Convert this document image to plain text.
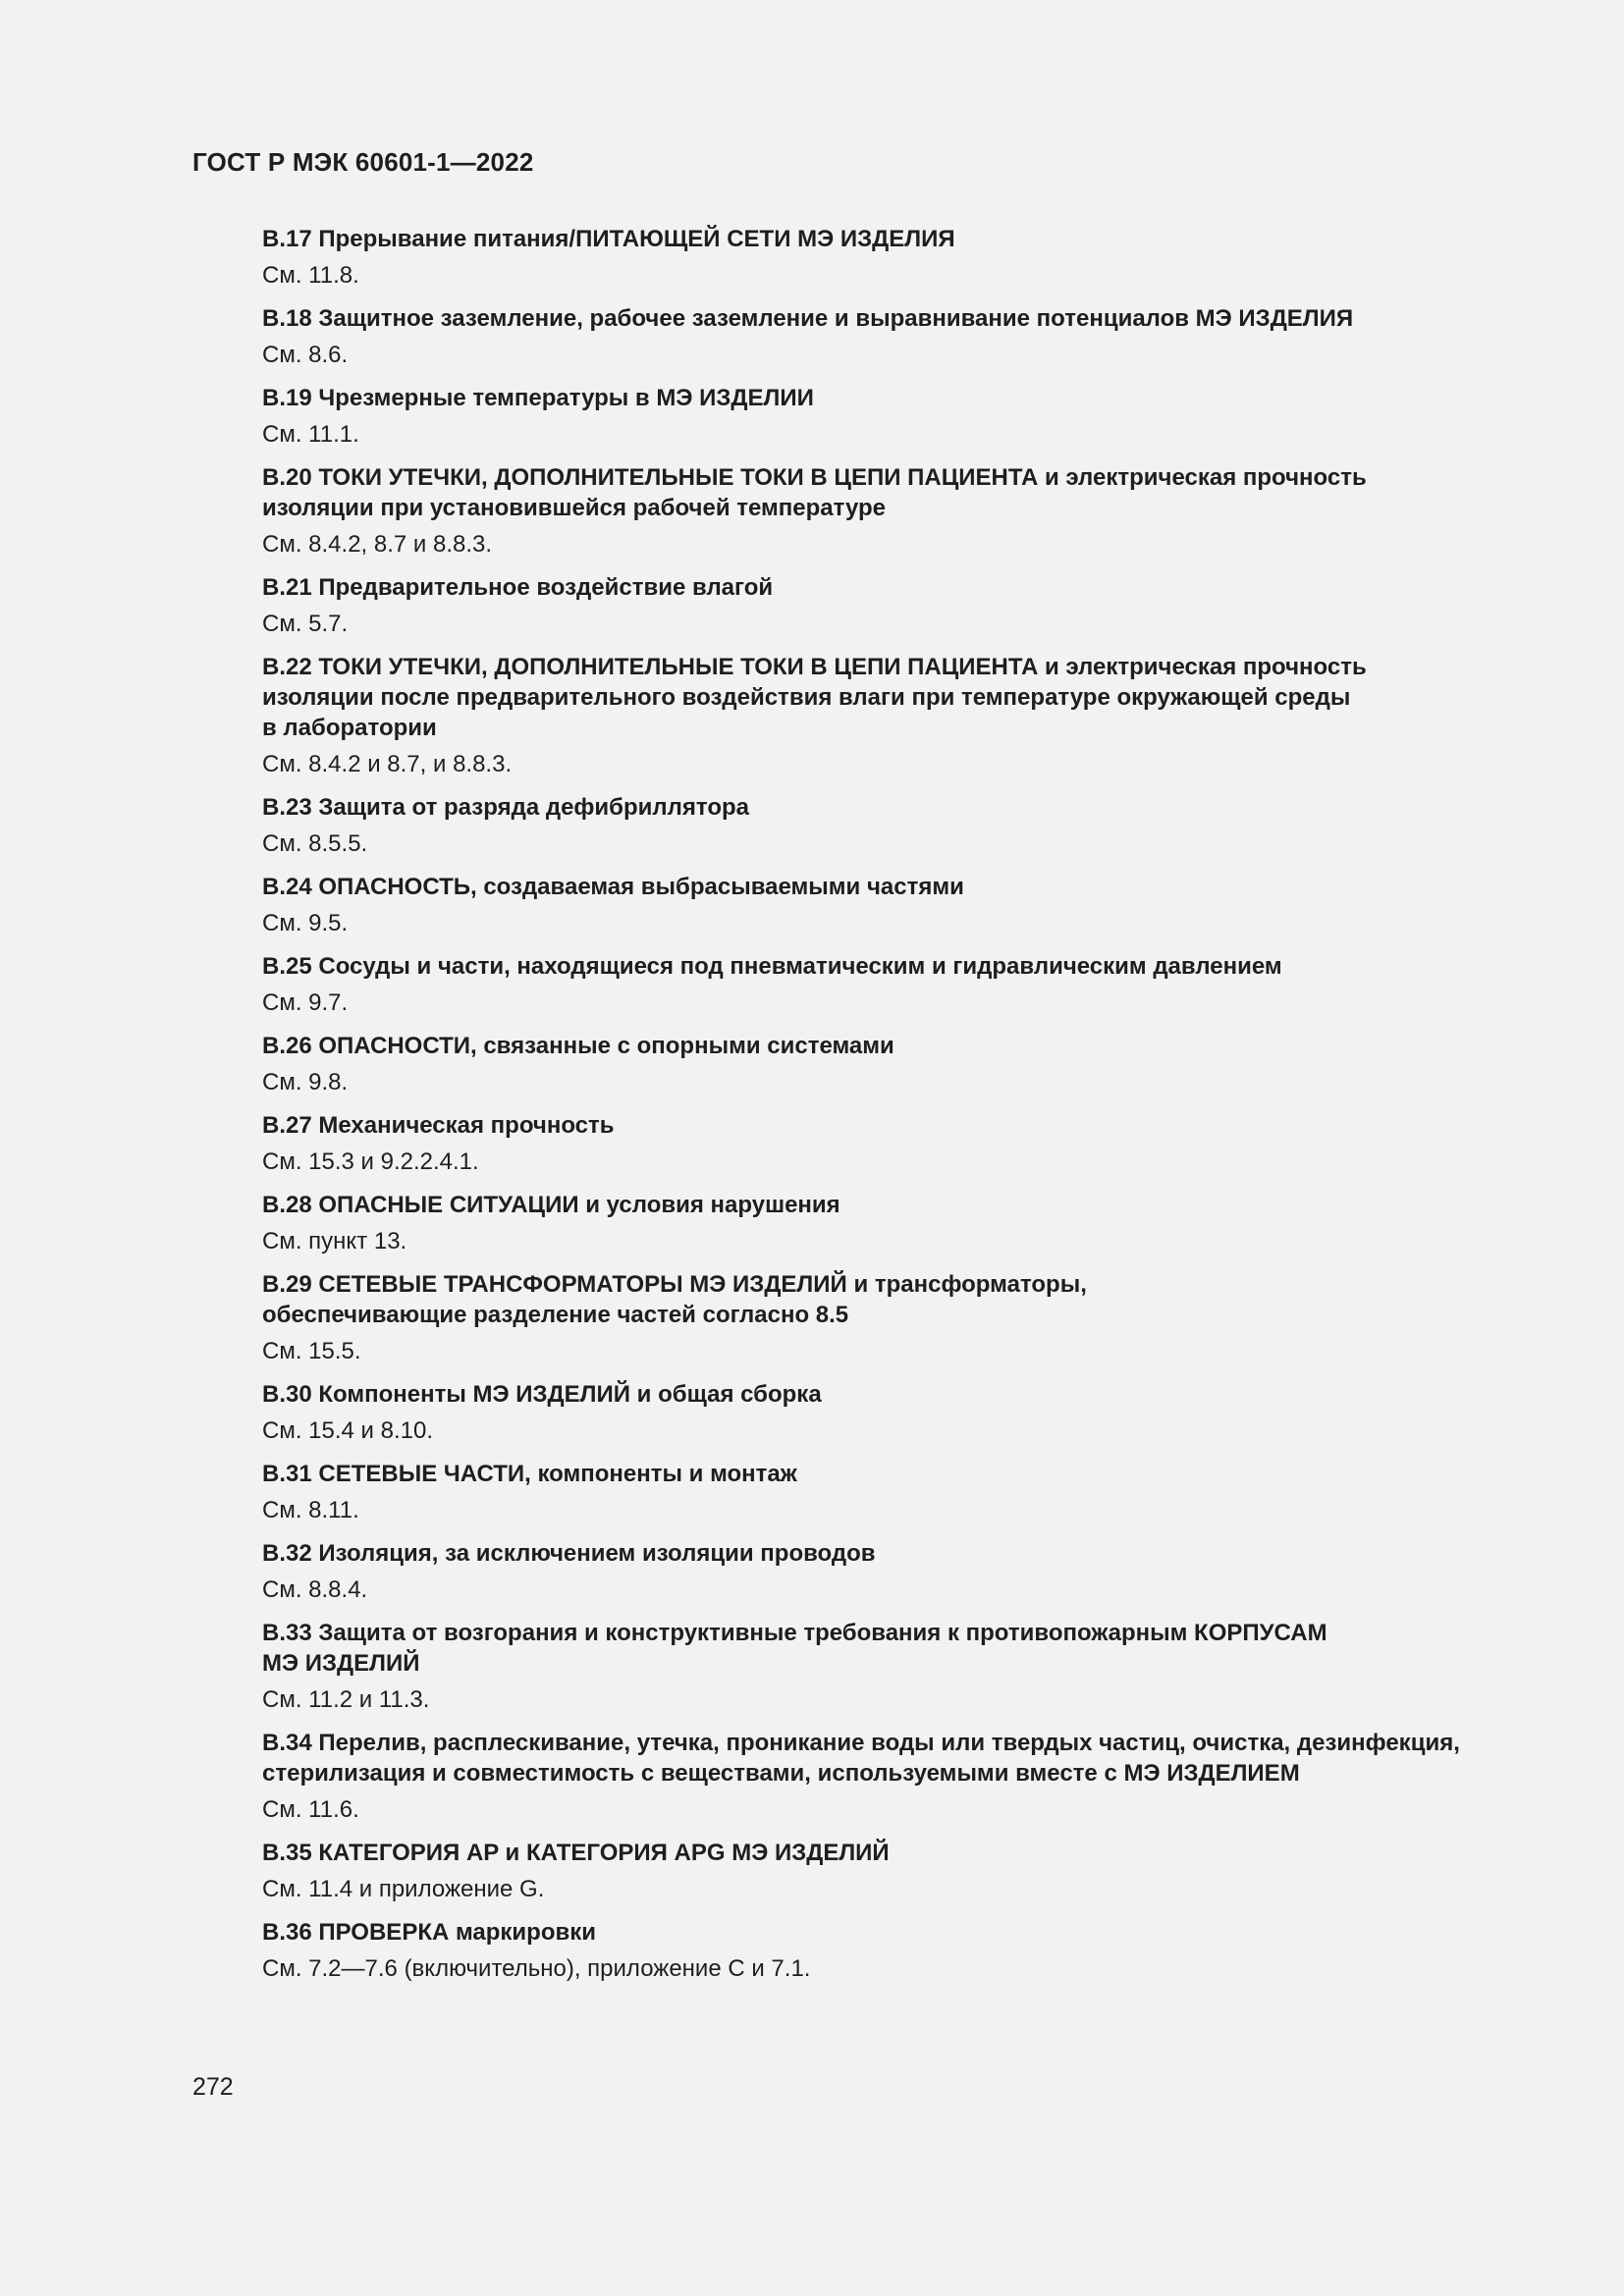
ГОСТ Р МЭК 60601-1—2022
B.17 Прерывание питания/ПИТАЮЩЕЙ СЕТИ МЭ ИЗДЕЛИЯ
См. 11.8.
B.18 Защитное заземление, рабочее заземление и выравнивание потенциалов МЭ ИЗДЕЛИЯ
См. 8.6.
B.19 Чрезмерные температуры в МЭ ИЗДЕЛИИ
См. 11.1.
B.20 ТОКИ УТЕЧКИ, ДОПОЛНИТЕЛЬНЫЕ ТОКИ В ЦЕПИ ПАЦИЕНТА и электрическая прочность
изоляции при установившейся рабочей температуре
См. 8.4.2, 8.7 и 8.8.3.
B.21 Предварительное воздействие влагой
См. 5.7.
B.22 ТОКИ УТЕЧКИ, ДОПОЛНИТЕЛЬНЫЕ ТОКИ В ЦЕПИ ПАЦИЕНТА и электрическая прочность
изоляции после предварительного воздействия влаги при температуре окружающей среды
в лаборатории
См. 8.4.2 и 8.7, и 8.8.3.
B.23 Защита от разряда дефибриллятора
См. 8.5.5.
B.24 ОПАСНОСТЬ, создаваемая выбрасываемыми частями
См. 9.5.
B.25 Сосуды и части, находящиеся под пневматическим и гидравлическим давлением
См. 9.7.
B.26 ОПАСНОСТИ, связанные с опорными системами
См. 9.8.
B.27 Механическая прочность
См. 15.3 и 9.2.2.4.1.
B.28 ОПАСНЫЕ СИТУАЦИИ и условия нарушения
См. пункт 13.
B.29 СЕТЕВЫЕ ТРАНСФОРМАТОРЫ МЭ ИЗДЕЛИЙ и трансформаторы,
обеспечивающие разделение частей согласно 8.5
См. 15.5.
B.30 Компоненты МЭ ИЗДЕЛИЙ и общая сборка
См. 15.4 и 8.10.
B.31 СЕТЕВЫЕ ЧАСТИ, компоненты и монтаж
См. 8.11.
B.32 Изоляция, за исключением изоляции проводов
См. 8.8.4.
B.33 Защита от возгорания и конструктивные требования к противопожарным КОРПУСАМ
МЭ ИЗДЕЛИЙ
См. 11.2 и 11.3.
B.34 Перелив, расплескивание, утечка, проникание воды или твердых частиц, очистка, дезинфекция,
стерилизация и совместимость с веществами, используемыми вместе с МЭ ИЗДЕЛИЕМ
См. 11.6.
B.35 КАТЕГОРИЯ AP и КАТЕГОРИЯ APG МЭ ИЗДЕЛИЙ
См. 11.4 и приложение G.
B.36 ПРОВЕРКА маркировки
См. 7.2—7.6 (включительно), приложение С и 7.1.
272
